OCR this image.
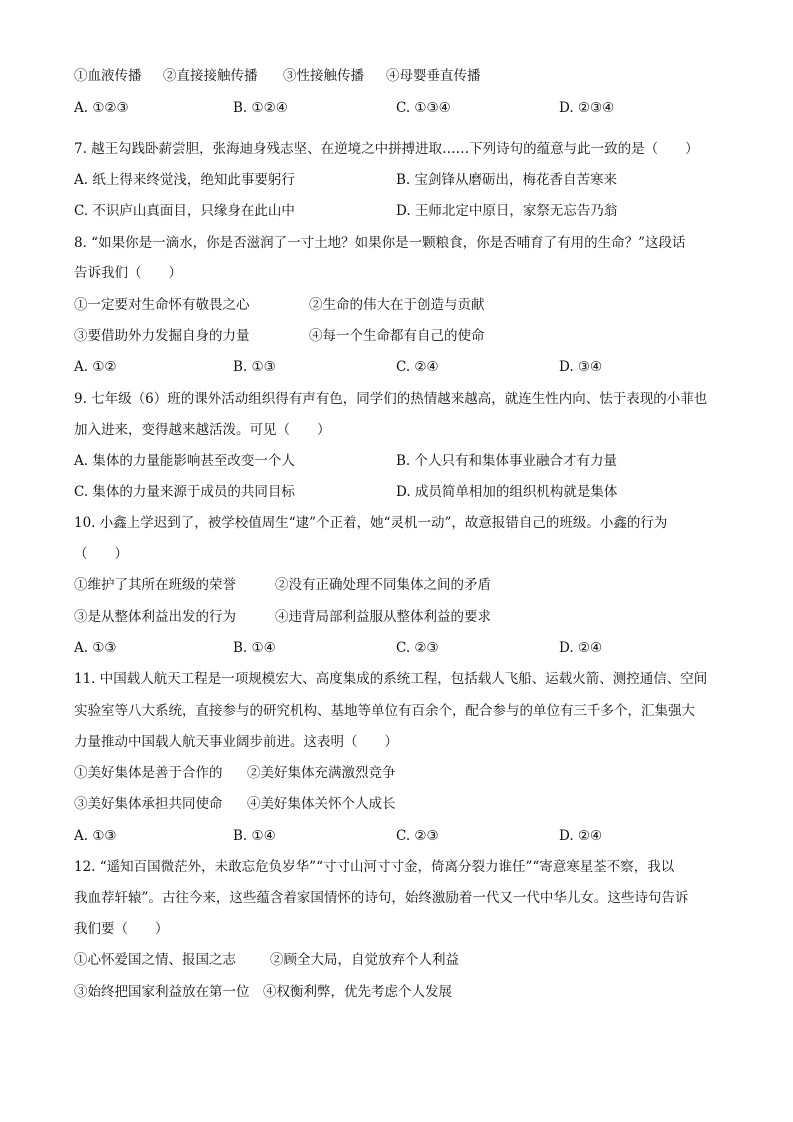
①血液传播 ②直接接触传播 ③性接触传播 ④母婴垂直传播
A. ①②③	B. ①②④	C. ①③④	D. ②③④
7. 越王勾践卧薪尝胆，张海迪身残志坚、在逆境之中拼搏进取……下列诗句的蕴意与此一致的是（　　）
A. 纸上得来终觉浅，绝知此事要躬行	B. 宝剑锋从磨砺出，梅花香自苦寒来
C. 不识庐山真面目，只缘身在此山中	D. 王师北定中原日，家祭无忘告乃翁
8. “如果你是一滴水，你是否滋润了一寸土地？如果你是一颗粮食，你是否哺育了有用的生命？”这段话
告诉我们（　　）
①一定要对生命怀有敬畏之心	②生命的伟大在于创造与贡献
③要借助外力发掘自身的力量	④每一个生命都有自己的使命
A. ①②	B. ①③	C. ②④	D. ③④
9. 七年级（6）班的课外活动组织得有声有色，同学们的热情越来越高，就连生性内向、怯于表现的小菲也
加入进来，变得越来越活泼。可见（　　）
A. 集体的力量能影响甚至改变一个人	B. 个人只有和集体事业融合才有力量
C. 集体的力量来源于成员的共同目标	D. 成员简单相加的组织机构就是集体
10. 小鑫上学迟到了，被学校值周生“逮”个正着，她“灵机一动”，故意报错自己的班级。小鑫的行为
（　　）
①维护了其所在班级的荣誉	②没有正确处理不同集体之间的矛盾
③是从整体利益出发的行为	④违背局部利益服从整体利益的要求
A. ①③	B. ①④	C. ②③	D. ②④
11. 中国载人航天工程是一项规模宏大、高度集成的系统工程，包括载人飞船、运载火箭、测控通信、空间
实验室等八大系统，直接参与的研究机构、基地等单位有百余个，配合参与的单位有三千多个，汇集强大
力量推动中国载人航天事业阔步前进。这表明（　　）
①美好集体是善于合作的 ②美好集体充满激烈竞争
③美好集体承担共同使命 ④美好集体关怀个人成长
A. ①③	B. ①④	C. ②③	D. ②④
12. “遥知百国微茫外，未敢忘危负岁华”“寸寸山河寸寸金，倚离分裂力谁任”“寄意寒星荃不察，我以
我血荐轩辕”。古往今来，这些蕴含着家国情怀的诗句，始终激励着一代又一代中华儿女。这些诗句告诉
我们要（　　）
①心怀爱国之情、报国之志	②顾全大局，自觉放弃个人利益
③始终把国家利益放在第一位 ④权衡利弊，优先考虑个人发展
